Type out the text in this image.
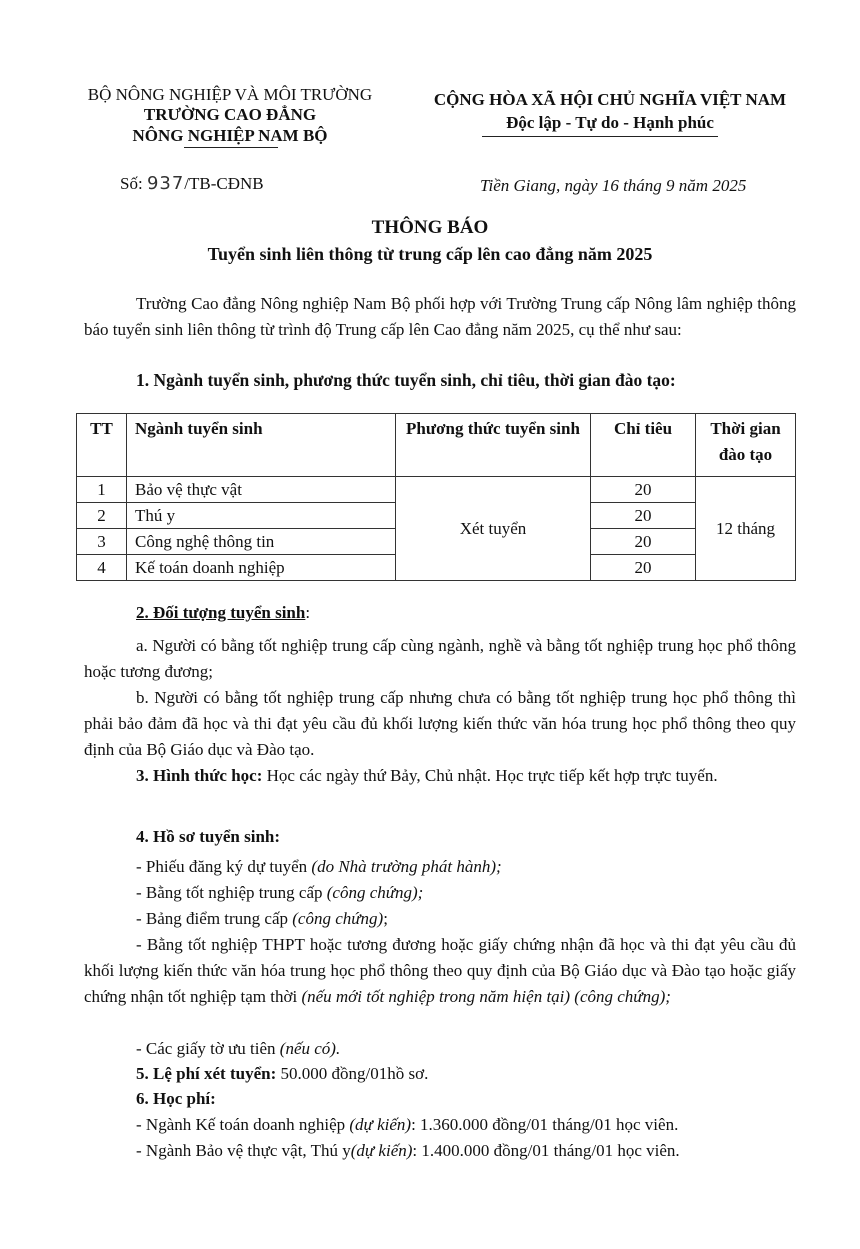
BỘ NÔNG NGHIỆP VÀ MÔI TRƯỜNG
TRƯỜNG CAO ĐẲNG
NÔNG NGHIỆP NAM BỘ
CỘNG HÒA XÃ HỘI CHỦ NGHĨA VIỆT NAM
Độc lập - Tự do - Hạnh phúc
Số: 937/TB-CĐNB	Tiền Giang, ngày 16 tháng 9 năm 2025
THÔNG BÁO
Tuyển sinh liên thông từ trung cấp lên cao đẳng năm 2025
Trường Cao đẳng Nông nghiệp Nam Bộ phối hợp với Trường Trung cấp Nông lâm nghiệp thông báo tuyển sinh liên thông từ trình độ Trung cấp lên Cao đẳng năm 2025, cụ thể như sau:
1. Ngành tuyển sinh, phương thức tuyển sinh, chỉ tiêu, thời gian đào tạo:
TT	Ngành tuyển sinh	Phương thức tuyển sinh	Chỉ tiêu	Thời gian đào tạo
1	Bảo vệ thực vật	Xét tuyển	20	12 tháng
2	Thú y		20	
3	Công nghệ thông tin		20	
4	Kế toán doanh nghiệp		20	
2. Đối tượng tuyển sinh:
a. Người có bằng tốt nghiệp trung cấp cùng ngành, nghề và bằng tốt nghiệp trung học phổ thông hoặc tương đương;
b. Người có bằng tốt nghiệp trung cấp nhưng chưa có bằng tốt nghiệp trung học phổ thông thì phải bảo đảm đã học và thi đạt yêu cầu đủ khối lượng kiến thức văn hóa trung học phổ thông theo quy định của Bộ Giáo dục và Đào tạo.
3. Hình thức học: Học các ngày thứ Bảy, Chủ nhật. Học trực tiếp kết hợp trực tuyến.
4. Hồ sơ tuyển sinh:
- Phiếu đăng ký dự tuyển (do Nhà trường phát hành);
- Bằng tốt nghiệp trung cấp (công chứng);
- Bảng điểm trung cấp (công chứng);
- Bằng tốt nghiệp THPT hoặc tương đương hoặc giấy chứng nhận đã học và thi đạt yêu cầu đủ khối lượng kiến thức văn hóa trung học phổ thông theo quy định của Bộ Giáo dục và Đào tạo hoặc giấy chứng nhận tốt nghiệp tạm thời (nếu mới tốt nghiệp trong năm hiện tại) (công chứng);
- Các giấy tờ ưu tiên (nếu có).
5. Lệ phí xét tuyển: 50.000 đồng/01hồ sơ.
6. Học phí:
- Ngành Kế toán doanh nghiệp (dự kiến): 1.360.000 đồng/01 tháng/01 học viên.
- Ngành Bảo vệ thực vật, Thú y(dự kiến): 1.400.000 đồng/01 tháng/01 học viên.
